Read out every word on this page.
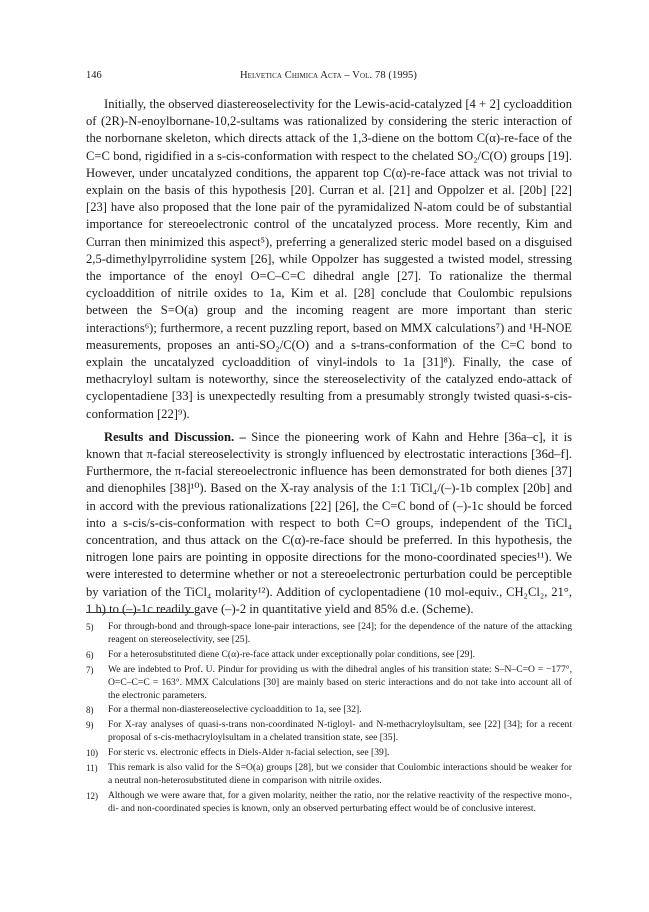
146	Helvetica Chimica Acta – Vol. 78 (1995)

Initially, the observed diastereoselectivity for the Lewis-acid-catalyzed [4 + 2] cycloaddition of (2R)-N-enoylbornane-10,2-sultams was rationalized by considering the steric interaction of the norbornane skeleton, which directs attack of the 1,3-diene on the bottom C(α)-re-face of the C=C bond, rigidified in a s-cis-conformation with respect to the chelated SO₂/C(O) groups [19]. However, under uncatalyzed conditions, the apparent top C(α)-re-face attack was not trivial to explain on the basis of this hypothesis [20]. Curran et al. [21] and Oppolzer et al. [20b] [22] [23] have also proposed that the lone pair of the pyramidalized N-atom could be of substantial importance for stereoelectronic control of the uncatalyzed process. More recently, Kim and Curran then minimized this aspect⁵), preferring a generalized steric model based on a disguised 2,5-dimethylpyrrolidine system [26], while Oppolzer has suggested a twisted model, stressing the importance of the enoyl O=C–C=C dihedral angle [27]. To rationalize the thermal cycloaddition of nitrile oxides to 1a, Kim et al. [28] conclude that Coulombic repulsions between the S=O(a) group and the incoming reagent are more important than steric interactions⁶); furthermore, a recent puzzling report, based on MMX calculations⁷) and ¹H-NOE measurements, proposes an anti-SO₂/C(O) and a s-trans-conformation of the C=C bond to explain the uncatalyzed cycloaddition of vinyl-indols to 1a [31]⁸). Finally, the case of methacryloyl sultam is noteworthy, since the stereoselectivity of the catalyzed endo-attack of cyclopentadiene [33] is unexpectedly resulting from a presumably strongly twisted quasi-s-cis-conformation [22]⁹).

Results and Discussion. – Since the pioneering work of Kahn and Hehre [36a–c], it is known that π-facial stereoselectivity is strongly influenced by electrostatic interactions [36d–f]. Furthermore, the π-facial stereoelectronic influence has been demonstrated for both dienes [37] and dienophiles [38]¹⁰). Based on the X-ray analysis of the 1:1 TiCl₄/(–)-1b complex [20b] and in accord with the previous rationalizations [22] [26], the C=C bond of (–)-1c should be forced into a s-cis/s-cis-conformation with respect to both C=O groups, independent of the TiCl₄ concentration, and thus attack on the C(α)-re-face should be preferred. In this hypothesis, the nitrogen lone pairs are pointing in opposite directions for the mono-coordinated species¹¹). We were interested to determine whether or not a stereoelectronic perturbation could be perceptible by variation of the TiCl₄ molarity¹²). Addition of cyclopentadiene (10 mol-equiv., CH₂Cl₂, 21°, 1 h) to (–)-1c readily gave (–)-2 in quantitative yield and 85% d.e. (Scheme).

5)	For through-bond and through-space lone-pair interactions, see [24]; for the dependence of the nature of the attacking reagent on stereoselectivity, see [25].
6)	For a heterosubstituted diene C(α)-re-face attack under exceptionally polar conditions, see [29].
7)	We are indebted to Prof. U. Pindur for providing us with the dihedral angles of his transition state: S–N–C=O = −177°, O=C–C=C = 163°. MMX Calculations [30] are mainly based on steric interactions and do not take into account all of the electronic parameters.
8)	For a thermal non-diastereoselective cycloaddition to 1a, see [32].
9)	For X-ray analyses of quasi-s-trans non-coordinated N-tigloyl- and N-methacryloylsultam, see [22] [34]; for a recent proposal of s-cis-methacryloylsultam in a chelated transition state, see [35].
10)	For steric vs. electronic effects in Diels-Alder π-facial selection, see [39].
11)	This remark is also valid for the S=O(a) groups [28], but we consider that Coulombic interactions should be weaker for a neutral non-heterosubstituted diene in comparison with nitrile oxides.
12)	Although we were aware that, for a given molarity, neither the ratio, nor the relative reactivity of the respective mono-, di- and non-coordinated species is known, only an observed perturbating effect would be of conclusive interest.
